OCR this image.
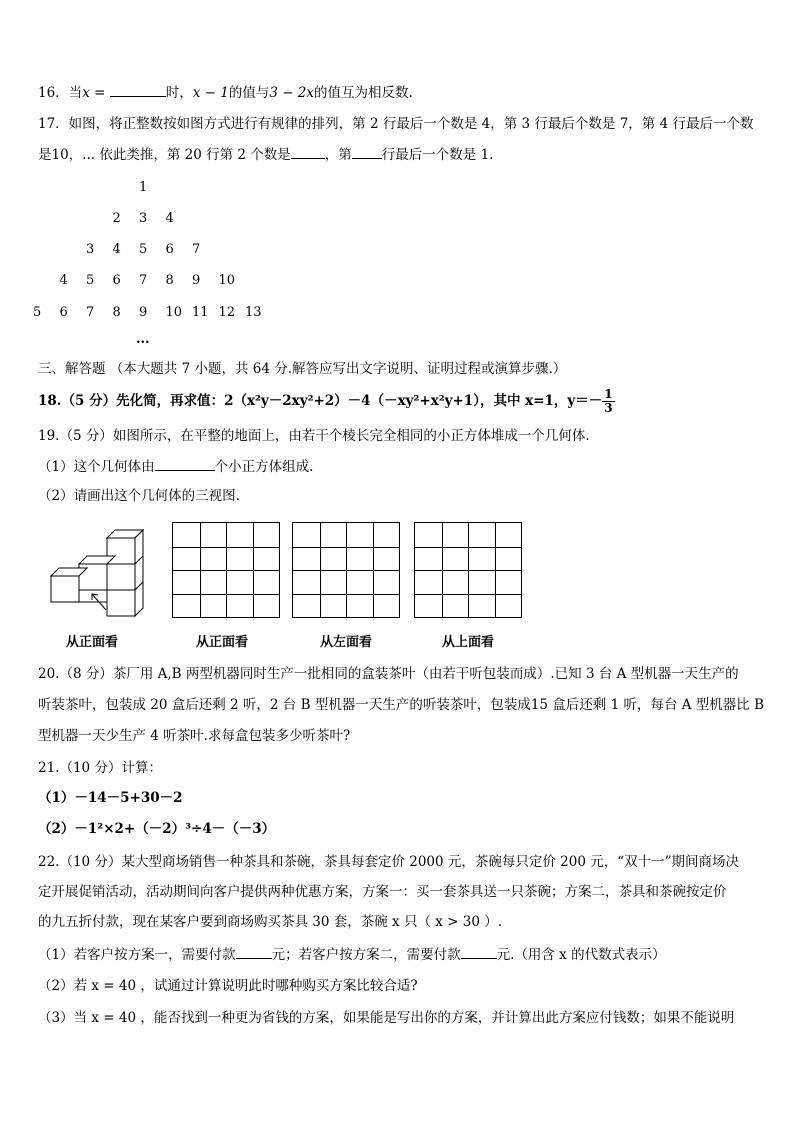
16．当x =	时，x − 1的值与3 − 2x的值互为相反数.
17．如图，将正整数按如图方式进行有规律的排列，第 2 行最后一个数是 4，第 3 行最后个数是 7，第 4 行最后一个数
是10，... 依此类推，第 20 行第 2 个数是	，第 行最后一个数是 1.
1
2 3 4
3 4 5 6 7
4 5 6 7 8 9 10
5 6 7 8 9 10 11 12 13
...
三、解答题 （本大题共 7 小题，共 64 分.解答应写出文字说明、证明过程或演算步骤.）
18.（5 分）先化简，再求值：2（x²y－2xy²+2）－4（－xy²+x²y+1），其中 x=1，$y=- \frac{1}{3}$
19.（5 分）如图所示，在平整的地面上，由若干个棱长完全相同的小正方体堆成一个几何体.
（1）这个几何体由	个小正方体组成.
（2）请画出这个几何体的三视图.
从正面看	从正面看	从左面看	从上面看
20.（8 分）茶厂用 A,B 两型机器同时生产一批相同的盒装茶叶（由若干听包装而成）.已知 3 台 A 型机器一天生产的
听装茶叶，包装成 20 盒后还剩 2 听，2 台 B 型机器一天生产的听装茶叶，包装成15 盒后还剩 1 听，每台 A 型机器比 B
型机器一天少生产 4 听茶叶.求每盒包装多少听茶叶?
21.（10 分）计算：
（1）－14－5+30－2
（2）－1²×2+（－2）³÷4－（－3）
22.（10 分）某大型商场销售一种茶具和茶碗，茶具每套定价 2000 元，茶碗每只定价 200 元，“双十一”期间商场决
定开展促销活动，活动期间向客户提供两种优惠方案，方案一：买一套茶具送一只茶碗；方案二，茶具和茶碗按定价
的九五折付款，现在某客户要到商场购买茶具 30 套，茶碗 x 只（ x > 30 ）.
（1）若客户按方案一，需要付款	元；若客户按方案二，需要付款	元.（用含 x 的代数式表示）
（2）若 x = 40 ，试通过计算说明此时哪种购买方案比较合适?
（3）当 x = 40 ，能否找到一种更为省钱的方案，如果能是写出你的方案，并计算出此方案应付钱数；如果不能说明
